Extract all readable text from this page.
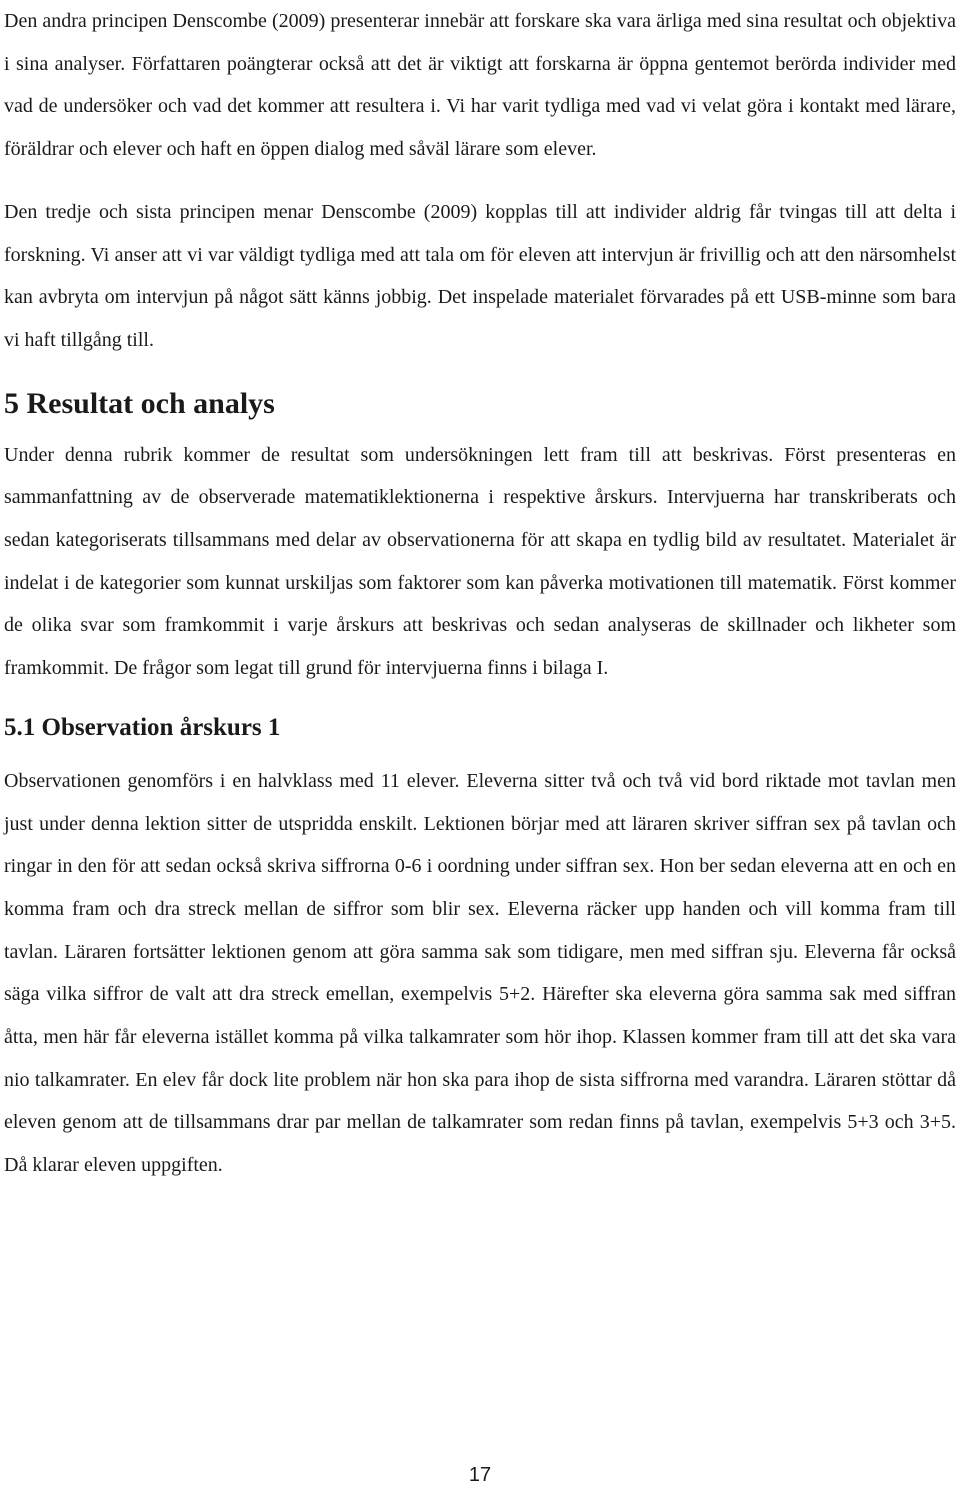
Den andra principen Denscombe (2009) presenterar innebär att forskare ska vara ärliga med sina resultat och objektiva i sina analyser. Författaren poängterar också att det är viktigt att forskarna är öppna gentemot berörda individer med vad de undersöker och vad det kommer att resultera i. Vi har varit tydliga med vad vi velat göra i kontakt med lärare, föräldrar och elever och haft en öppen dialog med såväl lärare som elever.

Den tredje och sista principen menar Denscombe (2009) kopplas till att individer aldrig får tvingas till att delta i forskning. Vi anser att vi var väldigt tydliga med att tala om för eleven att intervjun är frivillig och att den närsomhelst kan avbryta om intervjun på något sätt känns jobbig. Det inspelade materialet förvarades på ett USB-minne som bara vi haft tillgång till.

5 Resultat och analys

Under denna rubrik kommer de resultat som undersökningen lett fram till att beskrivas. Först presenteras en sammanfattning av de observerade matematiklektionerna i respektive årskurs. Intervjuerna har transkriberats och sedan kategoriserats tillsammans med delar av observationerna för att skapa en tydlig bild av resultatet. Materialet är indelat i de kategorier som kunnat urskiljas som faktorer som kan påverka motivationen till matematik. Först kommer de olika svar som framkommit i varje årskurs att beskrivas och sedan analyseras de skillnader och likheter som framkommit. De frågor som legat till grund för intervjuerna finns i bilaga I.

5.1 Observation årskurs 1

Observationen genomförs i en halvklass med 11 elever. Eleverna sitter två och två vid bord riktade mot tavlan men just under denna lektion sitter de utspridda enskilt. Lektionen börjar med att läraren skriver siffran sex på tavlan och ringar in den för att sedan också skriva siffrorna 0-6 i oordning under siffran sex. Hon ber sedan eleverna att en och en komma fram och dra streck mellan de siffror som blir sex. Eleverna räcker upp handen och vill komma fram till tavlan. Läraren fortsätter lektionen genom att göra samma sak som tidigare, men med siffran sju. Eleverna får också säga vilka siffror de valt att dra streck emellan, exempelvis 5+2. Härefter ska eleverna göra samma sak med siffran åtta, men här får eleverna istället komma på vilka talkamrater som hör ihop. Klassen kommer fram till att det ska vara nio talkamrater. En elev får dock lite problem när hon ska para ihop de sista siffrorna med varandra. Läraren stöttar då eleven genom att de tillsammans drar par mellan de talkamrater som redan finns på tavlan, exempelvis 5+3 och 3+5. Då klarar eleven uppgiften.

17
